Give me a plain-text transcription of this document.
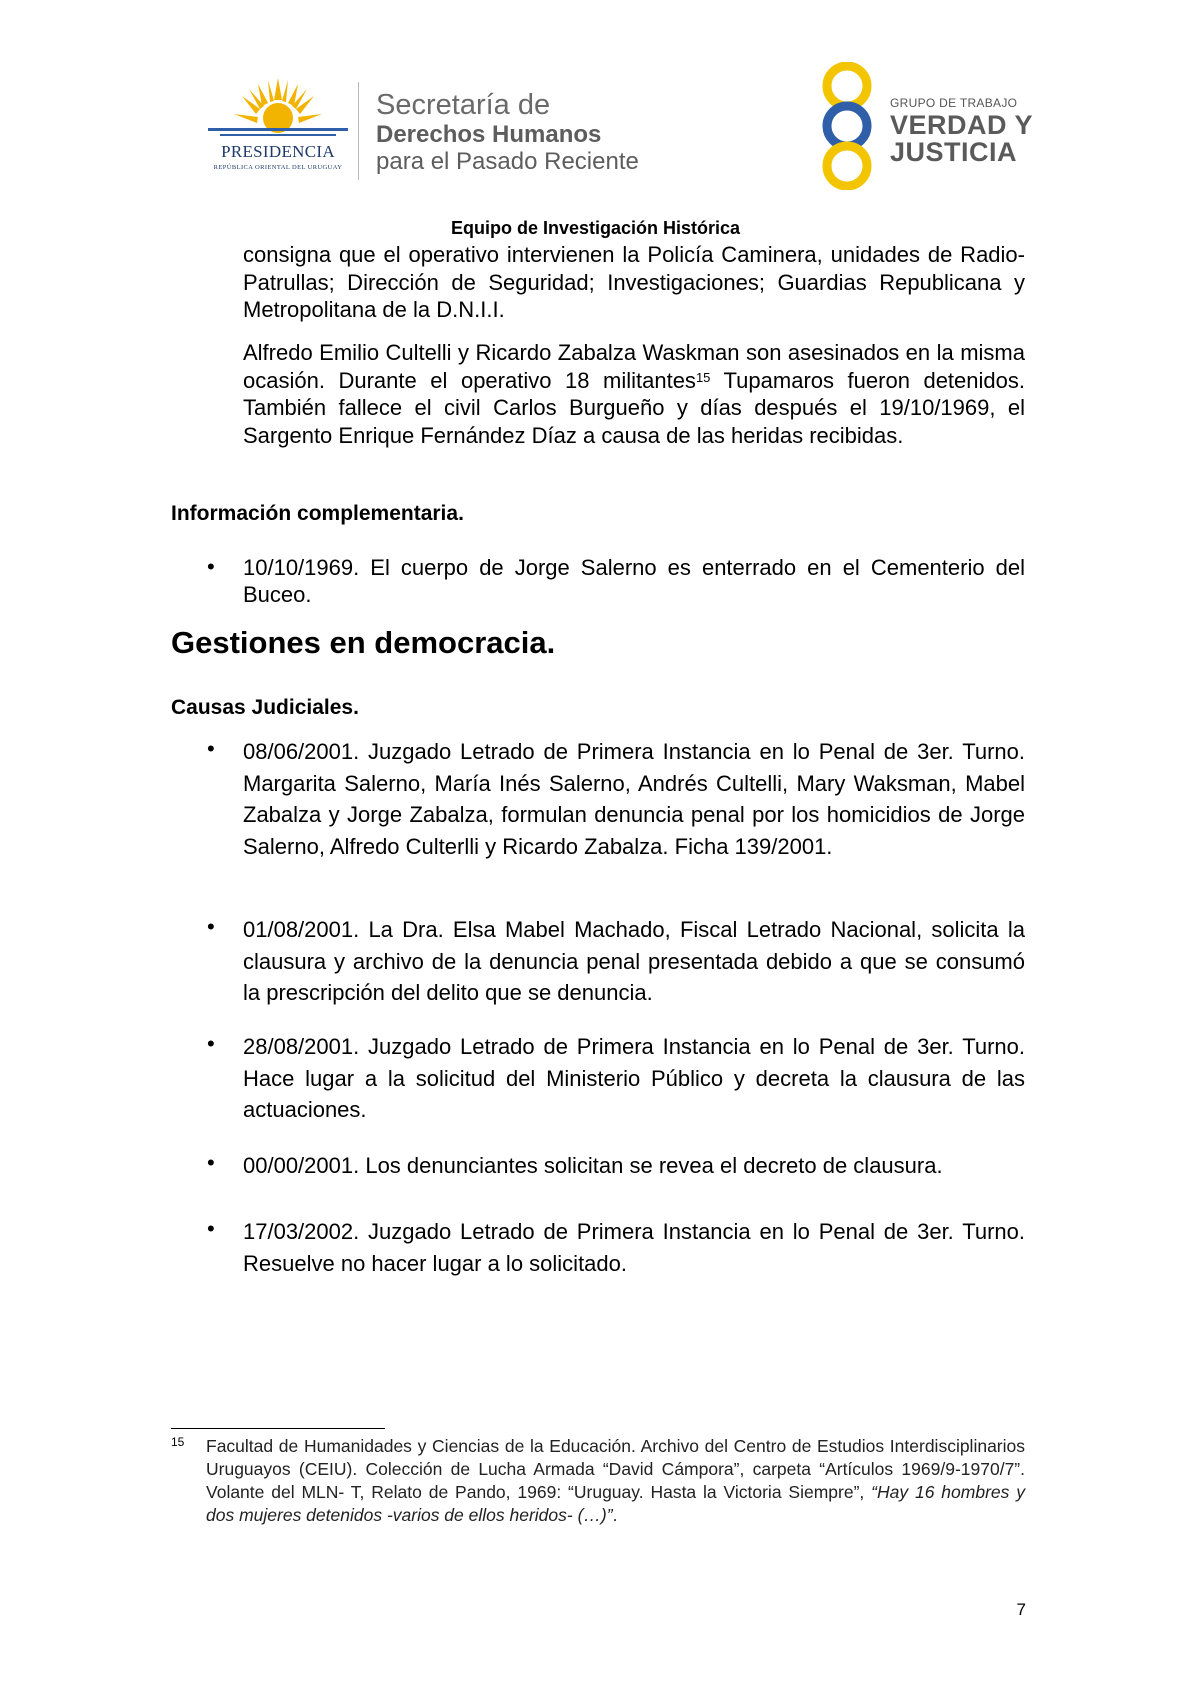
PRESIDENCIA
REPÚBLICA ORIENTAL DEL URUGUAY
Secretaría de
Derechos Humanos
para el Pasado Reciente
GRUPO DE TRABAJO
VERDAD Y
JUSTICIA
Equipo de Investigación Histórica
consigna que el operativo intervienen la Policía Caminera, unidades de Radio-Patrullas; Dirección de Seguridad; Investigaciones; Guardias Republicana y Metropolitana de la D.N.I.I.
Alfredo Emilio Cultelli y Ricardo Zabalza Waskman son asesinados en la misma ocasión. Durante el operativo 18 militantes$^{15}$ Tupamaros fueron detenidos. También fallece el civil Carlos Burgueño y días después el 19/10/1969, el Sargento Enrique Fernández Díaz a causa de las heridas recibidas.
Información complementaria.
• 10/10/1969. El cuerpo de Jorge Salerno es enterrado en el Cementerio del Buceo.
Gestiones en democracia.
Causas Judiciales.
• 08/06/2001. Juzgado Letrado de Primera Instancia en lo Penal de 3er. Turno. Margarita Salerno, María Inés Salerno, Andrés Cultelli, Mary Waksman, Mabel Zabalza y Jorge Zabalza, formulan denuncia penal por los homicidios de Jorge Salerno, Alfredo Culterlli y Ricardo Zabalza. Ficha 139/2001.
• 01/08/2001. La Dra. Elsa Mabel Machado, Fiscal Letrado Nacional, solicita la clausura y archivo de la denuncia penal presentada debido a que se consumó la prescripción del delito que se denuncia.
• 28/08/2001. Juzgado Letrado de Primera Instancia en lo Penal de 3er. Turno. Hace lugar a la solicitud del Ministerio Público y decreta la clausura de las actuaciones.
• 00/00/2001. Los denunciantes solicitan se revea el decreto de clausura.
• 17/03/2002. Juzgado Letrado de Primera Instancia en lo Penal de 3er. Turno. Resuelve no hacer lugar a lo solicitado.
15 Facultad de Humanidades y Ciencias de la Educación. Archivo del Centro de Estudios Interdisciplinarios Uruguayos (CEIU). Colección de Lucha Armada “David Cámpora”, carpeta “Artículos 1969/9-1970/7”. Volante del MLN- T, Relato de Pando, 1969: “Uruguay. Hasta la Victoria Siempre”, “Hay 16 hombres y dos mujeres detenidos -varios de ellos heridos- (…)”.
7
